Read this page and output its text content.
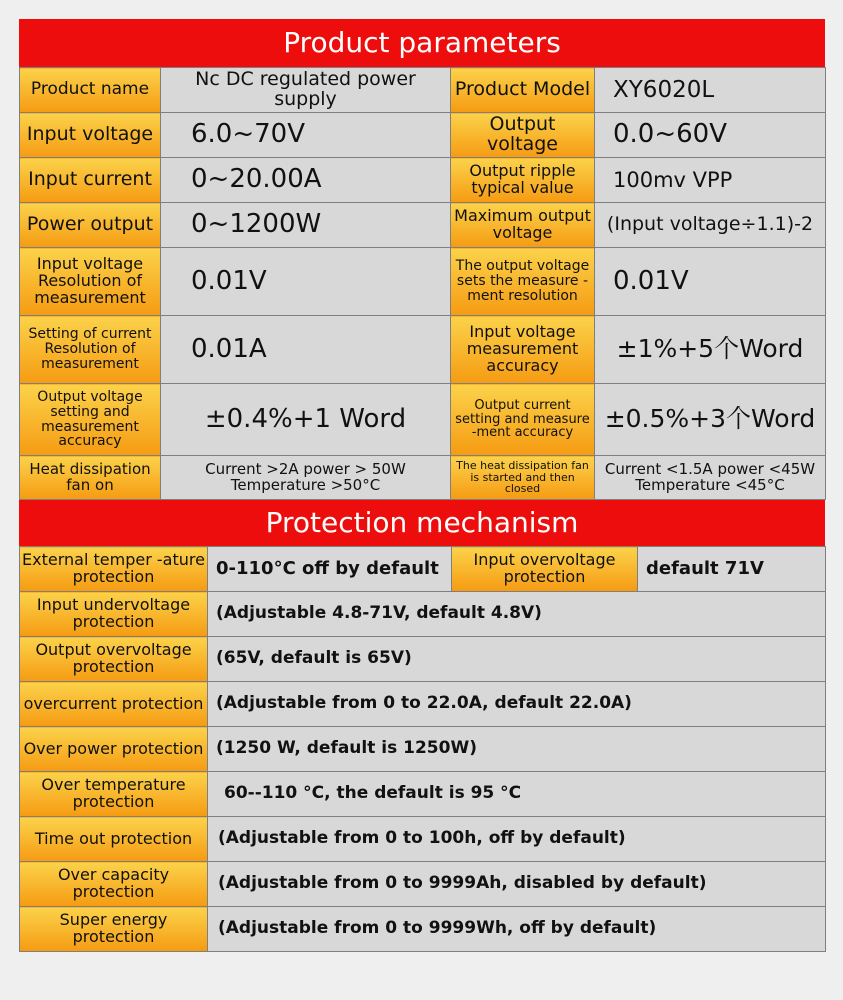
Product parameters
Product name	Nc DC regulated power supply	Product Model	XY6020L
Input voltage	6.0~70V	Output voltage	0.0~60V
Input current	0~20.00A	Output ripple typical value	100mv VPP
Power output	0~1200W	Maximum output voltage	(Input voltage÷1.1)-2
Input voltage Resolution of measurement	0.01V	The output voltage sets the measure -ment resolution	0.01V
Setting of current Resolution of measurement	0.01A	Input voltage measurement accuracy	±1%+5个Word
Output voltage setting and measurement accuracy	±0.4%+1 Word	Output current setting and measure -ment accuracy	±0.5%+3个Word
Heat dissipation fan on	Current >2A power > 50W Temperature >50°C	The heat dissipation fan is started and then closed	Current <1.5A power <45W Temperature <45°C
Protection mechanism
External temper -ature protection	0-110°C off by default	Input overvoltage protection	default 71V
Input undervoltage protection	(Adjustable 4.8-71V, default 4.8V)		
Output overvoltage protection	(65V, default is 65V)		
overcurrent protection	(Adjustable from 0 to 22.0A, default 22.0A)		
Over power protection	(1250 W, default is 1250W)		
Over temperature protection	60--110 °C, the default is 95 °C		
Time out protection	(Adjustable from 0 to 100h, off by default)		
Over capacity protection	(Adjustable from 0 to 9999Ah, disabled by default)		
Super energy protection	(Adjustable from 0 to 9999Wh, off by default)		
